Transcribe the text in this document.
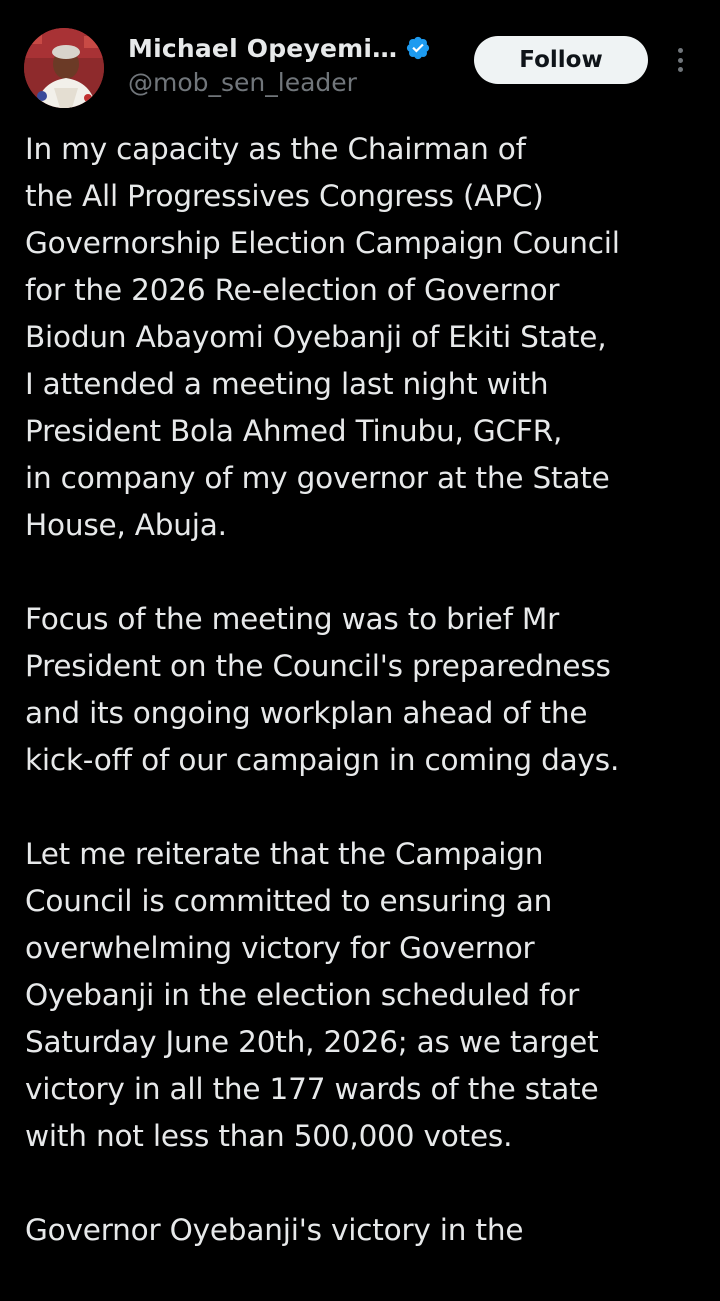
Michael Opeyemi…
@mob_sen_leader
Follow

In my capacity as the Chairman of
the All Progressives Congress (APC)
Governorship Election Campaign Council
for the 2026 Re-election of Governor
Biodun Abayomi Oyebanji of Ekiti State,
I attended a meeting last night with
President Bola Ahmed Tinubu, GCFR,
in company of my governor at the State
House, Abuja.

Focus of the meeting was to brief Mr
President on the Council's preparedness
and its ongoing workplan ahead of the
kick-off of our campaign in coming days.

Let me reiterate that the Campaign
Council is committed to ensuring an
overwhelming victory for Governor
Oyebanji in the election scheduled for
Saturday June 20th, 2026; as we target
victory in all the 177 wards of the state
with not less than 500,000 votes.

Governor Oyebanji's victory in the
